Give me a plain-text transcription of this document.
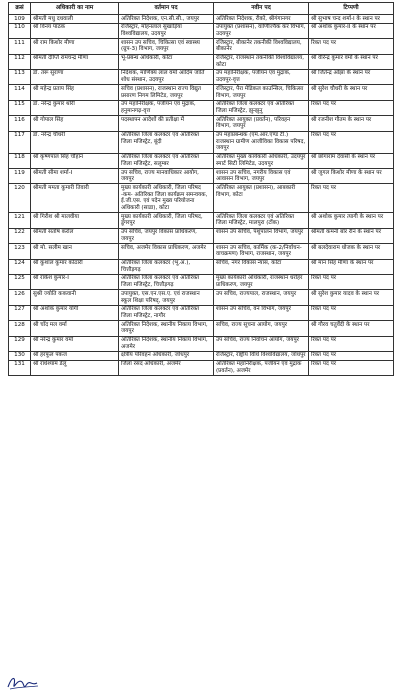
क्रसं	अधिकारी का नाम	वर्तमान पद	नवीन पद	टिप्पणी
109	श्रीमती मधु दधवाली	अतिरिक्त निदेशक, एन.सी.सी., जयपुर	अतिरिक्त निदेशक, रीको, श्रीगंगानगर	श्री सुभाष चन्द शर्मा-I के स्थान पर
110	श्री विनय पाठक	रजिस्ट्रार, मोहनलाल सुखाड़िया विश्वविद्यालय, उदयपुर	उपायुक्त (प्रशासन), वाणिज्यिक कर विभाग, उदयपुर	श्री अशोक कुमार-II के स्थान पर
111	श्री राम किशोर मीणा	शासन उप सचिव, चिकित्सा एवं स्वास्थ्य (ग्रुप-3) विभाग, जयपुर	रजिस्ट्रार, बीकानेर तकनीकी विश्वविद्यालय, बीकानेर	रिक्त पद पर
112	श्रीमती दीप्ति रामचन्द्र मीणा	भू-प्रबन्ध अधिकारी, कोटा	रजिस्ट्रार, राजस्थान तकनीकी विश्वविद्यालय, कोटा	श्री वीरेन्द्र कुमार वर्मा के स्थान पर
113	डॉ. तरू सुराणा	निदेशक, माणिक्य लाल वर्मा आदिम जाति शोध संस्थान, उदयपुर	उप महानिरीक्षक, पंजीयन एवं मुद्रांक, उदयपुर-वृत्त	श्री जितेन्द्र ओझा के स्थान पर
114	श्री महेन्द्र प्रताप सिंह	सचिव (प्रशासन), राजस्थान राज्य विद्युत प्रसारण निगम लिमिटेड, जयपुर	रजिस्ट्रार, पैरा मेडिकल काउन्सिल, चिकित्सा विभाग, जयपुर	श्री सुरेश चौधरी के स्थान पर
115	डॉ. नरेन्द्र कुमार थोरी	उप महानिरीक्षक, पंजीयन एवं मुद्रांक, हनुमानगढ़-वृत्त	अतिरिक्त जिला कलक्टर एवं अतिरिक्त जिला मजिस्ट्रेट, झुन्झुनू	रिक्त पद पर
116	श्री गोपाल सिंह	पदस्थापन आदेशों की प्रतीक्षा में	अतिरिक्त आयुक्त (प्रवर्तन), परिवहन विभाग, जयपुर	श्री रजनीश गौतम के स्थान पर
117	डॉ. नरेन्द्र चौधरी	अतिरिक्त जिला कलक्टर एवं अतिरिक्त जिला मजिस्ट्रेट, बूंदी	उप महाप्रबन्धक (एम.आर.एण्ड टी.) राजस्थान ग्रामीण आजीविका विकास परिषद, जयपुर	रिक्त पद पर
118	श्री कृष्णपाल सिंह चौहान	अतिरिक्त जिला कलक्टर एवं अतिरिक्त जिला मजिस्ट्रेट, सलूम्बर	अतिरिक्त मुख्य कार्यकारी अधिकारी, उदयपुर स्मार्ट सिटी लिमिटेड, उदयपुर	श्री छोगाराम देवासी के स्थान पर
119	श्रीमती सीमा शर्मा-I	उप सचिव, राज्य मानवाधिकार आयोग, जयपुर	शासन उप सचिव, नगरीय विकास एवं आवासन विभाग, जयपुर	श्री जुगल किशोर मीणा के स्थान पर
120	श्रीमती ममता कुमारी तिवारी	मुख्य कार्यकारी अधिकारी, जिला परिषद -कम- अतिरिक्त जिला कार्यक्रम समन्वयक, ई.जी.एस. एवं पदेन मुख्य परियोजना अधिकारी (साडा), कोटा	अतिरिक्त आयुक्त (प्रशासन), आबकारी विभाग, कोटा	रिक्त पद पर
121	श्री गिरीश श्री मालवीया	मुख्य कार्यकारी अधिकारी, जिला परिषद, डूंगरपुर	अतिरिक्त जिला कलक्टर एवं अतिरिक्त जिला मजिस्ट्रेट, मालपुरा (टोंक)	श्री अशोक कुमार त्यागी के स्थान पर
122	श्रीमती संतोष करोल	उप सचिव, जयपुर विकास प्राधिकरण, जयपुर	शासन उप सचिव, पशुपालन विभाग, जयपुर	श्रीमती कमनी बोर रीन के स्थान पर
123	श्री मो. सलीम खान	सचिव, अजमेर विकास प्राधिकरण, अजमेर	शासन उप सचिव, कार्मिक (क-2/निर्वाचन-वाचक्रमण) विभाग, राजस्थान, जयपुर	श्री बलदेवाराम धोजक के स्थान पर
124	श्री कुशाल कुमार कोठारी	अतिरिक्त जिला कलक्टर (भू.अ.), चित्तौड़गढ़	सचिव, नगर विकास न्यास, कोटा	श्री मान सिंह मीणा के स्थान पर
125	श्री राकेश कुमार-I	अतिरिक्त जिला कलक्टर एवं अतिरिक्त जिला मजिस्ट्रेट, चित्तौड़गढ़	मुख्य कार्यकारी अधिकारी, राजस्थान धरोहर प्राधिकरण, जयपुर	रिक्त पद पर
126	सुश्री ज्योति ककवानी	उपायुक्त, एस.एन.एस.ए. एवं राजस्थान स्कूल शिक्षा परिषद्, जयपुर	उप सचिव, राज्यपाल, राजस्थान, जयपुर	श्री सुरेश कुमार यादव के स्थान पर
127	श्री अशोक कुमार योगी	अतिरिक्त जिला कलक्टर एवं अतिरिक्त जिला मजिस्ट्रेट, नागौर	शासन उप सचिव, वन विभाग, जयपुर	रिक्त पद पर
128	श्री चाँद मल वर्मा	अतिरिक्त निदेशक, स्थानीय निकाय विभाग, जयपुर	सचिव, राज्य सूचना आयोग, जयपुर	श्री गौरव चतुर्वेदी के स्थान पर
129	श्री नरेन्द्र कुमार वर्मा	अतिरिक्त निदेशक, स्थानीय निकाय विभाग, अजमेर	उप सचिव, राज्य निर्वाचन आयोग, जयपुर	रिक्त पद पर
130	श्री हरफूल पंकज	क्षेत्रीय परिवहन अधिकारी, जोधपुर	रजिस्ट्रार, राष्ट्रीय विधि विश्वविद्यालय, जोधपुर	रिक्त पद पर
131	श्री राधेश्याम डेलू	जिला रसद अधिकारी, अजमेर	अतिरिक्त महानिरीक्षक, पंजीयन एवं मुद्रांक (प्रवर्तन), अजमेर	रिक्त पद पर
